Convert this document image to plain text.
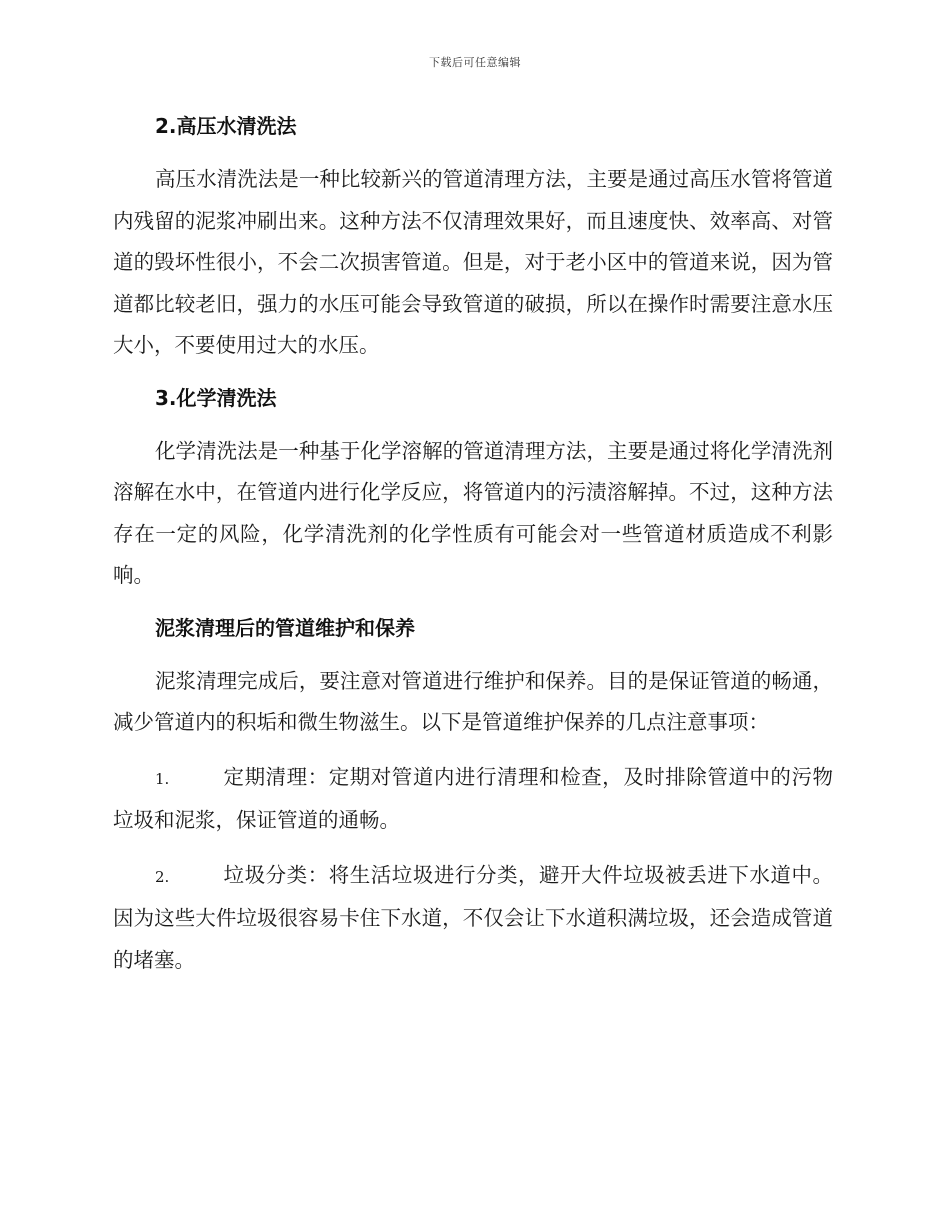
下载后可任意编辑
2.高压水清洗法

高压水清洗法是一种比较新兴的管道清理方法，主要是通过高压水管将管道内残留的泥浆冲刷出来。这种方法不仅清理效果好，而且速度快、效率高、对管道的毁坏性很小，不会二次损害管道。但是，对于老小区中的管道来说，因为管道都比较老旧，强力的水压可能会导致管道的破损，所以在操作时需要注意水压大小，不要使用过大的水压。

3.化学清洗法

化学清洗法是一种基于化学溶解的管道清理方法，主要是通过将化学清洗剂溶解在水中，在管道内进行化学反应，将管道内的污渍溶解掉。不过，这种方法存在一定的风险，化学清洗剂的化学性质有可能会对一些管道材质造成不利影响。

泥浆清理后的管道维护和保养

泥浆清理完成后，要注意对管道进行维护和保养。目的是保证管道的畅通，减少管道内的积垢和微生物滋生。以下是管道维护保养的几点注意事项：

1.	定期清理：定期对管道内进行清理和检查，及时排除管道中的污物垃圾和泥浆，保证管道的通畅。

2.	垃圾分类：将生活垃圾进行分类，避开大件垃圾被丢进下水道中。因为这些大件垃圾很容易卡住下水道，不仅会让下水道积满垃圾，还会造成管道的堵塞。
